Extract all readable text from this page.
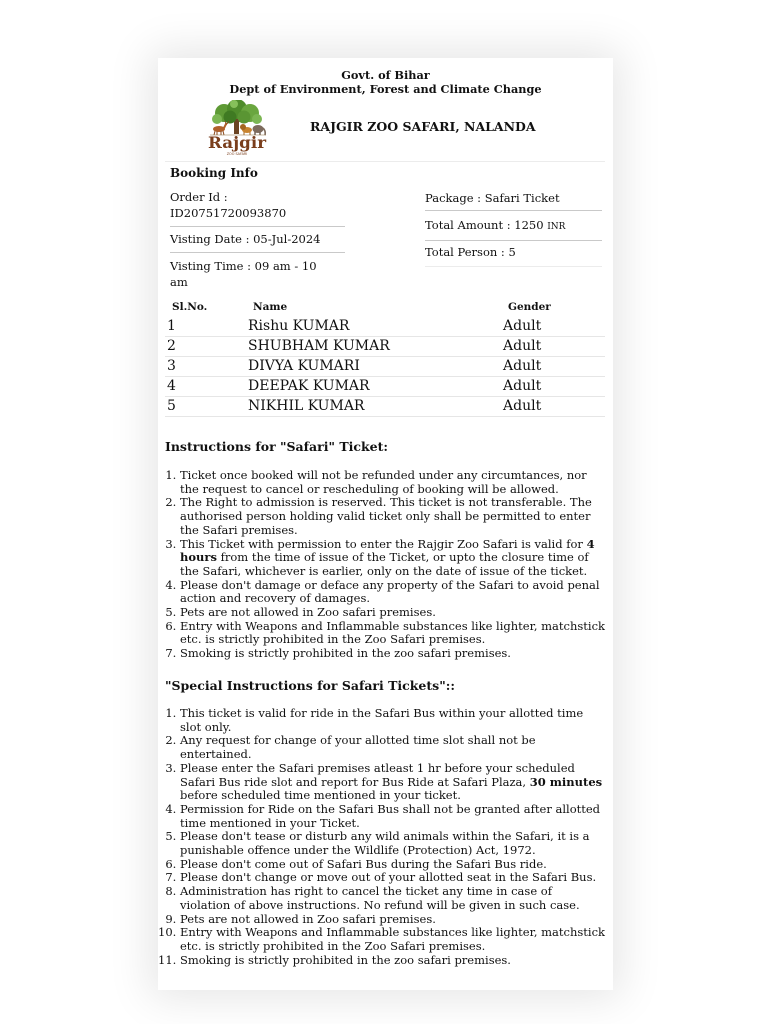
Govt. of Bihar
Dept of Environment, Forest and Climate Change
Rajgir
ZOO SAFARI
RAJGIR ZOO SAFARI, NALANDA
Booking Info
Order Id :
ID20751720093870
Visting Date : 05-Jul-2024
Visting Time : 09 am - 10 am
Package : Safari Ticket
Total Amount : 1250 INR
Total Person : 5
Sl.No.	Name	Gender
1	Rishu KUMAR	Adult
2	SHUBHAM KUMAR	Adult
3	DIVYA KUMARI	Adult
4	DEEPAK KUMAR	Adult
5	NIKHIL KUMAR	Adult
Instructions for "Safari" Ticket:
1. Ticket once booked will not be refunded under any circumtances, nor the request to cancel or rescheduling of booking will be allowed.
2. The Right to admission is reserved. This ticket is not transferable. The authorised person holding valid ticket only shall be permitted to enter the Safari premises.
3. This Ticket with permission to enter the Rajgir Zoo Safari is valid for 4 hours from the time of issue of the Ticket, or upto the closure time of the Safari, whichever is earlier, only on the date of issue of the ticket.
4. Please don't damage or deface any property of the Safari to avoid penal action and recovery of damages.
5. Pets are not allowed in Zoo safari premises.
6. Entry with Weapons and Inflammable substances like lighter, matchstick etc. is strictly prohibited in the Zoo Safari premises.
7. Smoking is strictly prohibited in the zoo safari premises.
"Special Instructions for Safari Tickets"::
1. This ticket is valid for ride in the Safari Bus within your allotted time slot only.
2. Any request for change of your allotted time slot shall not be entertained.
3. Please enter the Safari premises atleast 1 hr before your scheduled Safari Bus ride slot and report for Bus Ride at Safari Plaza, 30 minutes before scheduled time mentioned in your ticket.
4. Permission for Ride on the Safari Bus shall not be granted after allotted time mentioned in your Ticket.
5. Please don't tease or disturb any wild animals within the Safari, it is a punishable offence under the Wildlife (Protection) Act, 1972.
6. Please don't come out of Safari Bus during the Safari Bus ride.
7. Please don't change or move out of your allotted seat in the Safari Bus.
8. Administration has right to cancel the ticket any time in case of violation of above instructions. No refund will be given in such case.
9. Pets are not allowed in Zoo safari premises.
10. Entry with Weapons and Inflammable substances like lighter, matchstick etc. is strictly prohibited in the Zoo Safari premises.
11. Smoking is strictly prohibited in the zoo safari premises.
